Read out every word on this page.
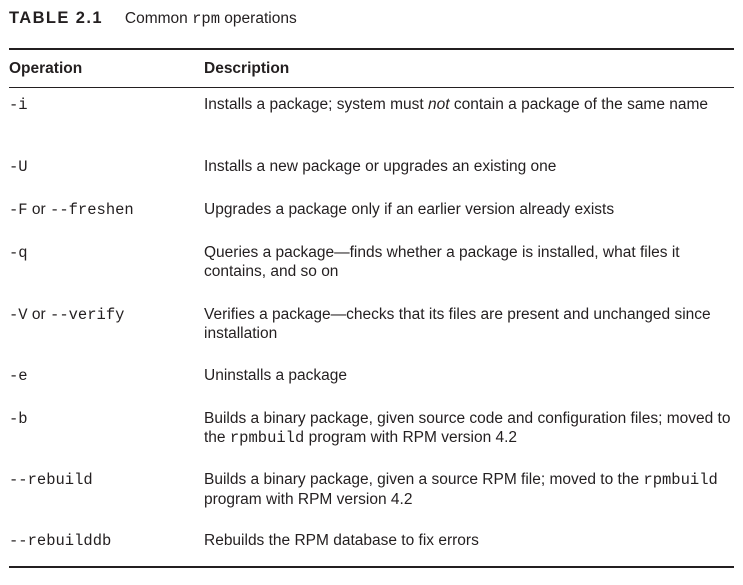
TABLE 2.1 Common rpm operations
Operation	Description
-i	Installs a package; system must not contain a package of the same name
-U	Installs a new package or upgrades an existing one
-F or --freshen	Upgrades a package only if an earlier version already exists
-q	Queries a package—finds whether a package is installed, what files it contains, and so on
-V or --verify	Verifies a package—checks that its files are present and unchanged since installation
-e	Uninstalls a package
-b	Builds a binary package, given source code and configuration files; moved to the rpmbuild program with RPM version 4.2
--rebuild	Builds a binary package, given a source RPM file; moved to the rpmbuild program with RPM version 4.2
--rebuilddb	Rebuilds the RPM database to fix errors
